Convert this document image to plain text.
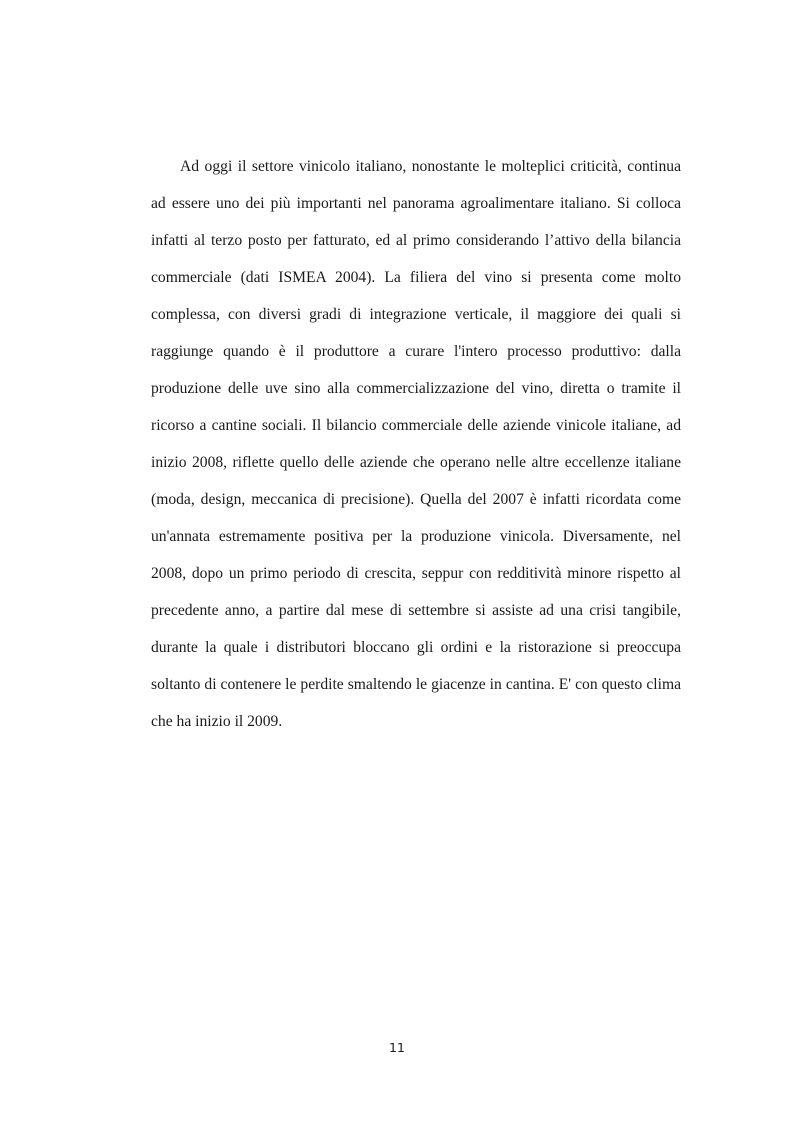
Ad oggi il settore vinicolo italiano, nonostante le molteplici criticità, continua ad essere uno dei più importanti nel panorama agroalimentare italiano. Si colloca infatti al terzo posto per fatturato, ed al primo considerando l’attivo della bilancia commerciale (dati ISMEA 2004). La filiera del vino si presenta come molto complessa, con diversi gradi di integrazione verticale, il maggiore dei quali si raggiunge quando è il produttore a curare l'intero processo produttivo: dalla produzione delle uve sino alla commercializzazione del vino, diretta o tramite il ricorso a cantine sociali. Il bilancio commerciale delle aziende vinicole italiane, ad inizio 2008, riflette quello delle aziende che operano nelle altre eccellenze italiane (moda, design, meccanica di precisione). Quella del 2007 è infatti ricordata come un'annata estremamente positiva per la produzione vinicola. Diversamente, nel 2008, dopo un primo periodo di crescita, seppur con redditività minore rispetto al precedente anno, a partire dal mese di settembre si assiste ad una crisi tangibile, durante la quale i distributori bloccano gli ordini e la ristorazione si preoccupa soltanto di contenere le perdite smaltendo le giacenze in cantina. E' con questo clima che ha inizio il 2009.

11
